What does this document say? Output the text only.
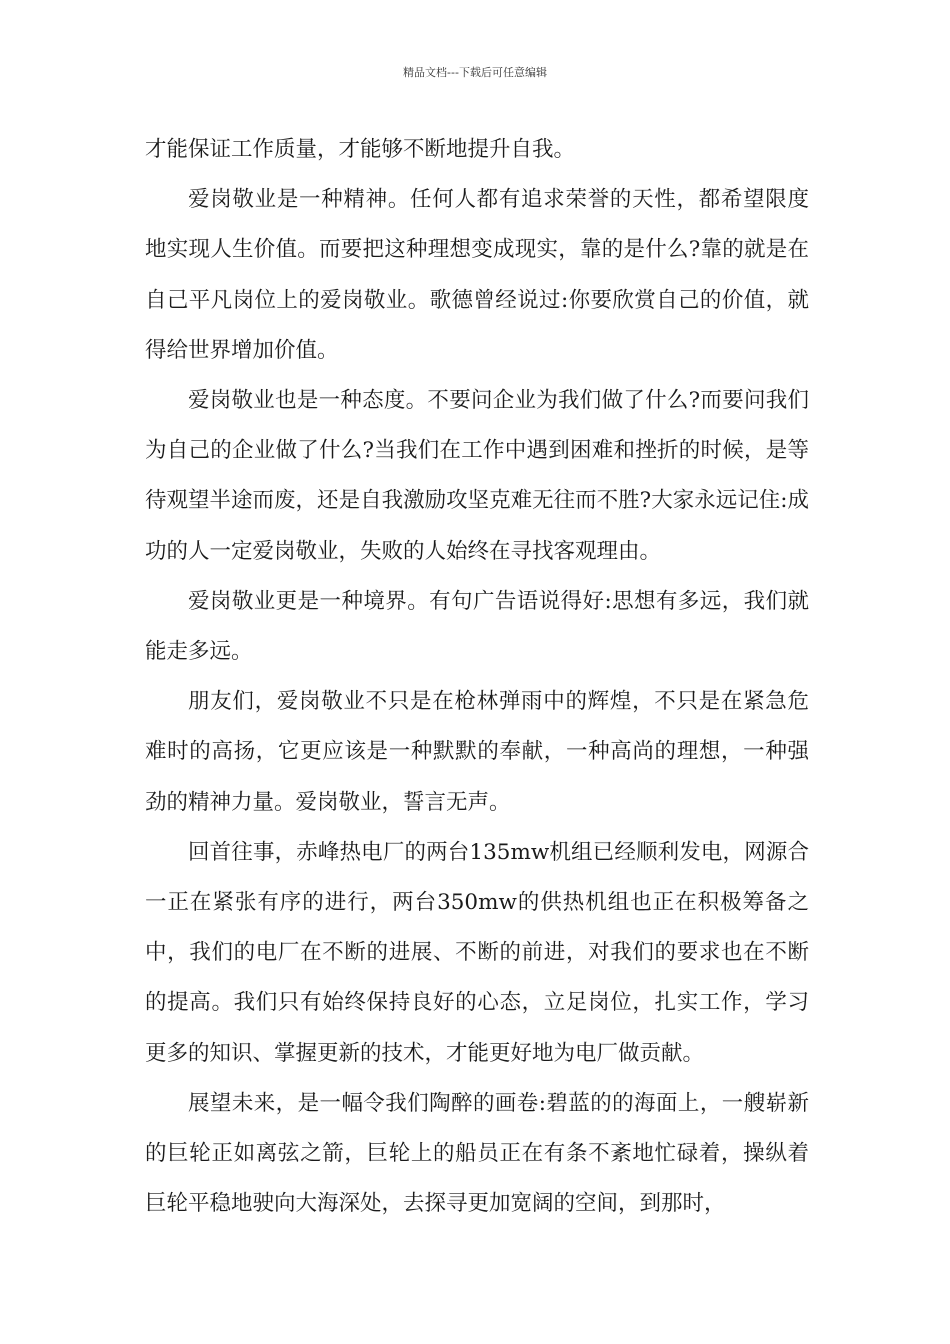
精品文档---下载后可任意编辑

才能保证工作质量，才能够不断地提升自我。

爱岗敬业是一种精神。任何人都有追求荣誉的天性，都希望限度地实现人生价值。而要把这种理想变成现实，靠的是什么?靠的就是在自己平凡岗位上的爱岗敬业。歌德曾经说过:你要欣赏自己的价值，就得给世界增加价值。

爱岗敬业也是一种态度。不要问企业为我们做了什么?而要问我们为自己的企业做了什么?当我们在工作中遇到困难和挫折的时候，是等待观望半途而废，还是自我激励攻坚克难无往而不胜?大家永远记住:成功的人一定爱岗敬业，失败的人始终在寻找客观理由。

爱岗敬业更是一种境界。有句广告语说得好:思想有多远，我们就能走多远。

朋友们，爱岗敬业不只是在枪林弹雨中的辉煌，不只是在紧急危难时的高扬，它更应该是一种默默的奉献，一种高尚的理想，一种强劲的精神力量。爱岗敬业，誓言无声。

回首往事，赤峰热电厂的两台135mw机组已经顺利发电，网源合一正在紧张有序的进行，两台350mw的供热机组也正在积极筹备之中，我们的电厂在不断的进展、不断的前进，对我们的要求也在不断的提高。我们只有始终保持良好的心态，立足岗位，扎实工作，学习更多的知识、掌握更新的技术，才能更好地为电厂做贡献。

展望未来，是一幅令我们陶醉的画卷:碧蓝的的海面上，一艘崭新的巨轮正如离弦之箭，巨轮上的船员正在有条不紊地忙碌着，操纵着巨轮平稳地驶向大海深处，去探寻更加宽阔的空间，到那时，
